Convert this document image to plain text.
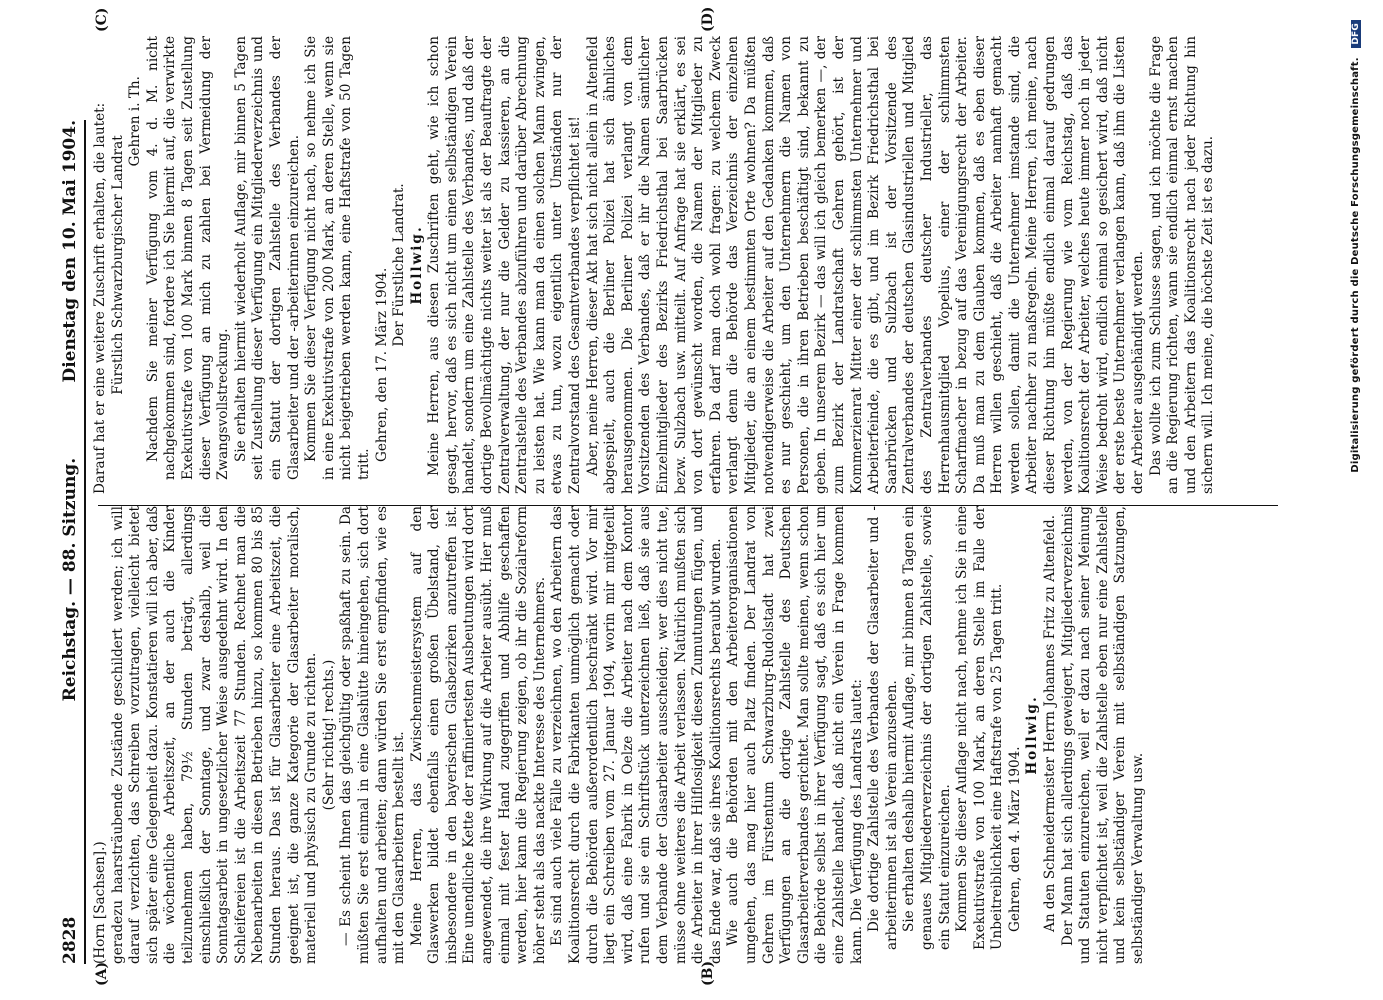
2828
Reichstag. — 88. Sitzung.
Dienstag den 10. Mai 1904.
(A)	(B)
(C)	(D)

(Horn [Sachsen].) geradezu haarsträubende Zustände geschildert werden; ich will darauf verzichten, das Schreiben vorzutragen, vielleicht bietet sich später eine Gelegenheit dazu. Konstatieren will ich aber, daß die wöchentliche Arbeitszeit, an der auch die Kinder teilzunehmen haben, 79½ Stunden beträgt, allerdings einschließlich der Sonntage, und zwar deshalb, weil die Sonntagsarbeit in ungesetzlicher Weise ausgedehnt wird. In den Schleifereien ist die Arbeitszeit 77 Stunden. Rechnet man die Nebenarbeiten in diesen Betrieben hinzu, so kommen 80 bis 85 Stunden heraus. Das ist für Glasarbeiter eine Arbeitszeit, die geeignet ist, die ganze Kategorie der Glasarbeiter moralisch, materiell und physisch zu Grunde zu richten. (Sehr richtig! rechts.) — Es scheint Ihnen das gleichgültig oder spaßhaft zu sein. Da müßten Sie erst einmal in eine Glashütte hineingehen, sich dort aufhalten und arbeiten; dann würden Sie erst empfinden, wie es mit den Glasarbeitern bestellt ist. Meine Herren, das Zwischenmeistersystem auf den Glaswerken bildet ebenfalls einen großen Übelstand, der insbesondere in den bayerischen Glasbezirken anzutreffen ist. Eine unendliche Kette der raffiniertesten Ausbeutungen wird dort angewendet, die ihre Wirkung auf die Arbeiter ausübt. Hier muß einmal mit fester Hand zugegriffen und Abhilfe geschaffen werden, hier kann die Regierung zeigen, ob ihr die Sozialreform höher steht als das nackte Interesse des Unternehmers. Es sind auch viele Fälle zu verzeichnen, wo den Arbeitern das Koalitionsrecht durch die Fabrikanten unmöglich gemacht oder durch die Behörden außerordentlich beschränkt wird. Vor mir liegt ein Schreiben vom 27. Januar 1904, worin mir mitgeteilt wird, daß eine Fabrik in Oelze die Arbeiter nach dem Kontor rufen und sie ein Schriftstück unterzeichnen ließ, daß sie aus dem Verbande der Glasarbeiter ausscheiden; wer dies nicht tue, müsse ohne weiteres die Arbeit verlassen. Natürlich mußten sich die Arbeiter in ihrer Hilflosigkeit diesen Zumutungen fügen, und das Ende war, daß sie ihres Koalitionsrechts beraubt wurden. Wie auch die Behörden mit den Arbeiterorganisationen umgehen, das mag hier auch Platz finden. Der Landrat von Gehren im Fürstentum Schwarzburg-Rudolstadt hat zwei Verfügungen an die dortige Zahlstelle des Deutschen Glasarbeiterverbandes gerichtet. Man sollte meinen, wenn schon die Behörde selbst in ihrer Verfügung sagt, daß es sich hier um eine Zahlstelle handelt, daß nicht ein Verein in Frage kommen kann. Die Verfügung des Landrats lautet: Die dortige Zahlstelle des Verbandes der Glasarbeiter und -arbeiterinnen ist als Verein anzusehen. Sie erhalten deshalb hiermit Auflage, mir binnen 8 Tagen ein genaues Mitgliederverzeichnis der dortigen Zahlstelle, sowie ein Statut einzureichen. Kommen Sie dieser Auflage nicht nach, nehme ich Sie in eine Exekutivstrafe von 100 Mark, an deren Stelle im Falle der Unbeitreiblichkeit eine Haftstrafe von 25 Tagen tritt. Gehren, den 4. März 1904.

Hollwig. An den Schneidermeister Herrn Johannes Fritz zu Altenfeld. Der Mann hat sich allerdings geweigert, Mitgliederverzeichnis und Statuten einzureichen, weil er dazu nach seiner Meinung nicht verpflichtet ist, weil die Zahlstelle eben nur eine Zahlstelle und kein selbständiger Verein mit selbständigen Satzungen, selbständiger Verwaltung usw.

Darauf hat er eine weitere Zuschrift erhalten, die lautet: Fürstlich Schwarzburgischer Landrat

Gehren i. Th. Nachdem Sie meiner Verfügung vom 4. d. M. nicht nachgekommen sind, fordere ich Sie hiermit auf, die verwirkte Exekutivstrafe von 100 Mark binnen 8 Tagen seit Zustellung dieser Verfügung an mich zu zahlen bei Vermeidung der Zwangsvollstreckung. Sie erhalten hiermit wiederholt Auflage, mir binnen 5 Tagen seit Zustellung dieser Verfügung ein Mitgliederverzeichnis und ein Statut der dortigen Zahlstelle des Verbandes der Glasarbeiter und der -arbeiterinnen einzureichen. Kommen Sie dieser Verfügung nicht nach, so nehme ich Sie in eine Exekutivstrafe von 200 Mark, an deren Stelle, wenn sie nicht beigetrieben werden kann, eine Haftstrafe von 50 Tagen tritt.

Gehren, den 17. März 1904.

Der Fürstliche Landrat. Hollwig. Meine Herren, aus diesen Zuschriften geht, wie ich schon gesagt, hervor, daß es sich nicht um einen selbständigen Verein handelt, sondern um eine Zahlstelle des Verbandes, und daß der dortige Bevollmächtigte nichts weiter ist als der Beauftragte der Zentralverwaltung, der nur die Gelder zu kassieren, an die Zentralstelle des Verbandes abzuführen und darüber Abrechnung zu leisten hat. Wie kann man da einen solchen Mann zwingen, etwas zu tun, wozu eigentlich unter Umständen nur der Zentralvorstand des Gesamtverbandes verpflichtet ist! Aber, meine Herren, dieser Akt hat sich nicht allein in Altenfeld abgespielt, auch die Berliner Polizei hat sich ähnliches herausgenommen. Die Berliner Polizei verlangt von dem Vorsitzenden des Verbandes, daß er ihr die Namen sämtlicher Einzelmitglieder des Bezirks Friedrichsthal bei Saarbrücken bezw. Sulzbach usw. mitteilt. Auf Anfrage hat sie erklärt, es sei von dort gewünscht worden, die Namen der Mitglieder zu erfahren. Da darf man doch wohl fragen: zu welchem Zweck verlangt denn die Behörde das Verzeichnis der einzelnen Mitglieder, die an einem bestimmten Orte wohnen? Da müßten notwendigerweise die Arbeiter auf den Gedanken kommen, daß es nur geschieht, um den Unternehmern die Namen von Personen, die in ihren Betrieben beschäftigt sind, bekannt zu geben. In unserem Bezirk — das will ich gleich bemerken —, der zum Bezirk der Landratschaft Gehren gehört, ist der Kommerzienrat Mitter einer der schlimmsten Unternehmer und Arbeiterfeinde, die es gibt, und im Bezirk Friedrichsthal bei Saarbrücken und Sulzbach ist der Vorsitzende des Zentralverbandes der deutschen Glasindustriellen und Mitglied des Zentralverbandes deutscher Industrieller, das Herrenhausmitglied Vopelius, einer der schlimmsten Scharfmacher in bezug auf das Vereinigungsrecht der Arbeiter. Da muß man zu dem Glauben kommen, daß es eben dieser Herren willen geschieht, daß die Arbeiter namhaft gemacht werden sollen, damit die Unternehmer imstande sind, die Arbeiter nachher zu maßregeln. Meine Herren, ich meine, nach dieser Richtung hin müßte endlich einmal darauf gedrungen werden, von der Regierung wie vom Reichstag, daß das Koalitionsrecht der Arbeiter, welches heute immer noch in jeder Weise bedroht wird, endlich einmal so gesichert wird, daß nicht der erste beste Unternehmer verlangen kann, daß ihm die Listen der Arbeiter ausgehändigt werden. Das wollte ich zum Schlusse sagen, und ich möchte die Frage an die Regierung richten, wann sie endlich einmal ernst machen und den Arbeitern das Koalitionsrecht nach jeder Richtung hin sichern will. Ich meine, die höchste Zeit ist es dazu.	Digitalisierung gefördert durch die Deutsche Forschungsgemeinschaft. DFG
